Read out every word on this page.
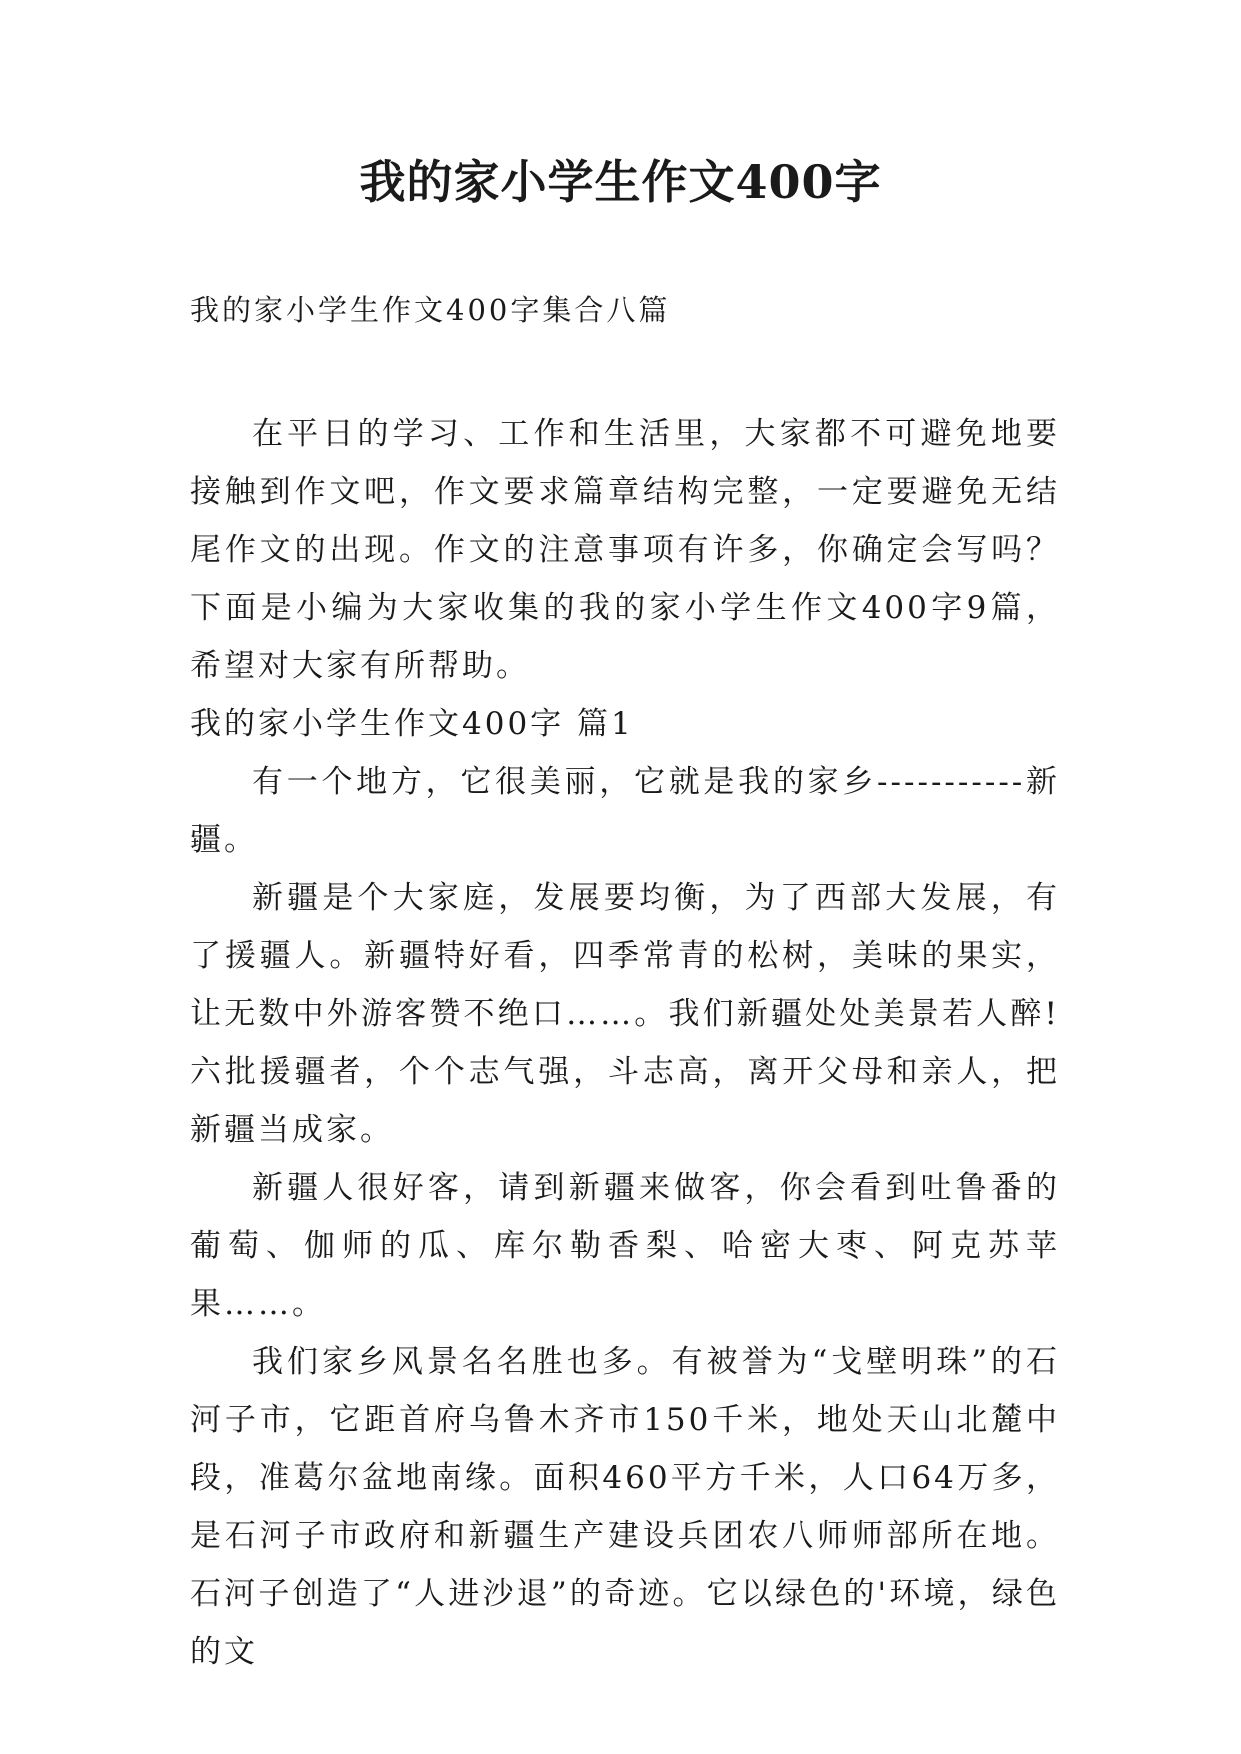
我的家小学生作文400字

我的家小学生作文400字集合八篇

在平日的学习、工作和生活里，大家都不可避免地要接触到作文吧，作文要求篇章结构完整，一定要避免无结尾作文的出现。作文的注意事项有许多，你确定会写吗？下面是小编为大家收集的我的家小学生作文400字9篇，希望对大家有所帮助。

我的家小学生作文400字 篇1

有一个地方，它很美丽，它就是我的家乡-----------新疆。

新疆是个大家庭，发展要均衡，为了西部大发展，有了援疆人。新疆特好看，四季常青的松树，美味的果实，让无数中外游客赞不绝口……。我们新疆处处美景若人醉!六批援疆者，个个志气强，斗志高，离开父母和亲人，把新疆当成家。

新疆人很好客，请到新疆来做客，你会看到吐鲁番的葡萄、伽师的瓜、库尔勒香梨、哈密大枣、阿克苏苹果……。

我们家乡风景名名胜也多。有被誉为“戈壁明珠”的石河子市，它距首府乌鲁木齐市150千米，地处天山北麓中段，准葛尔盆地南缘。面积460平方千米，人口64万多，是石河子市政府和新疆生产建设兵团农八师师部所在地。石河子创造了“人进沙退”的奇迹。它以绿色的'环境，绿色的文
